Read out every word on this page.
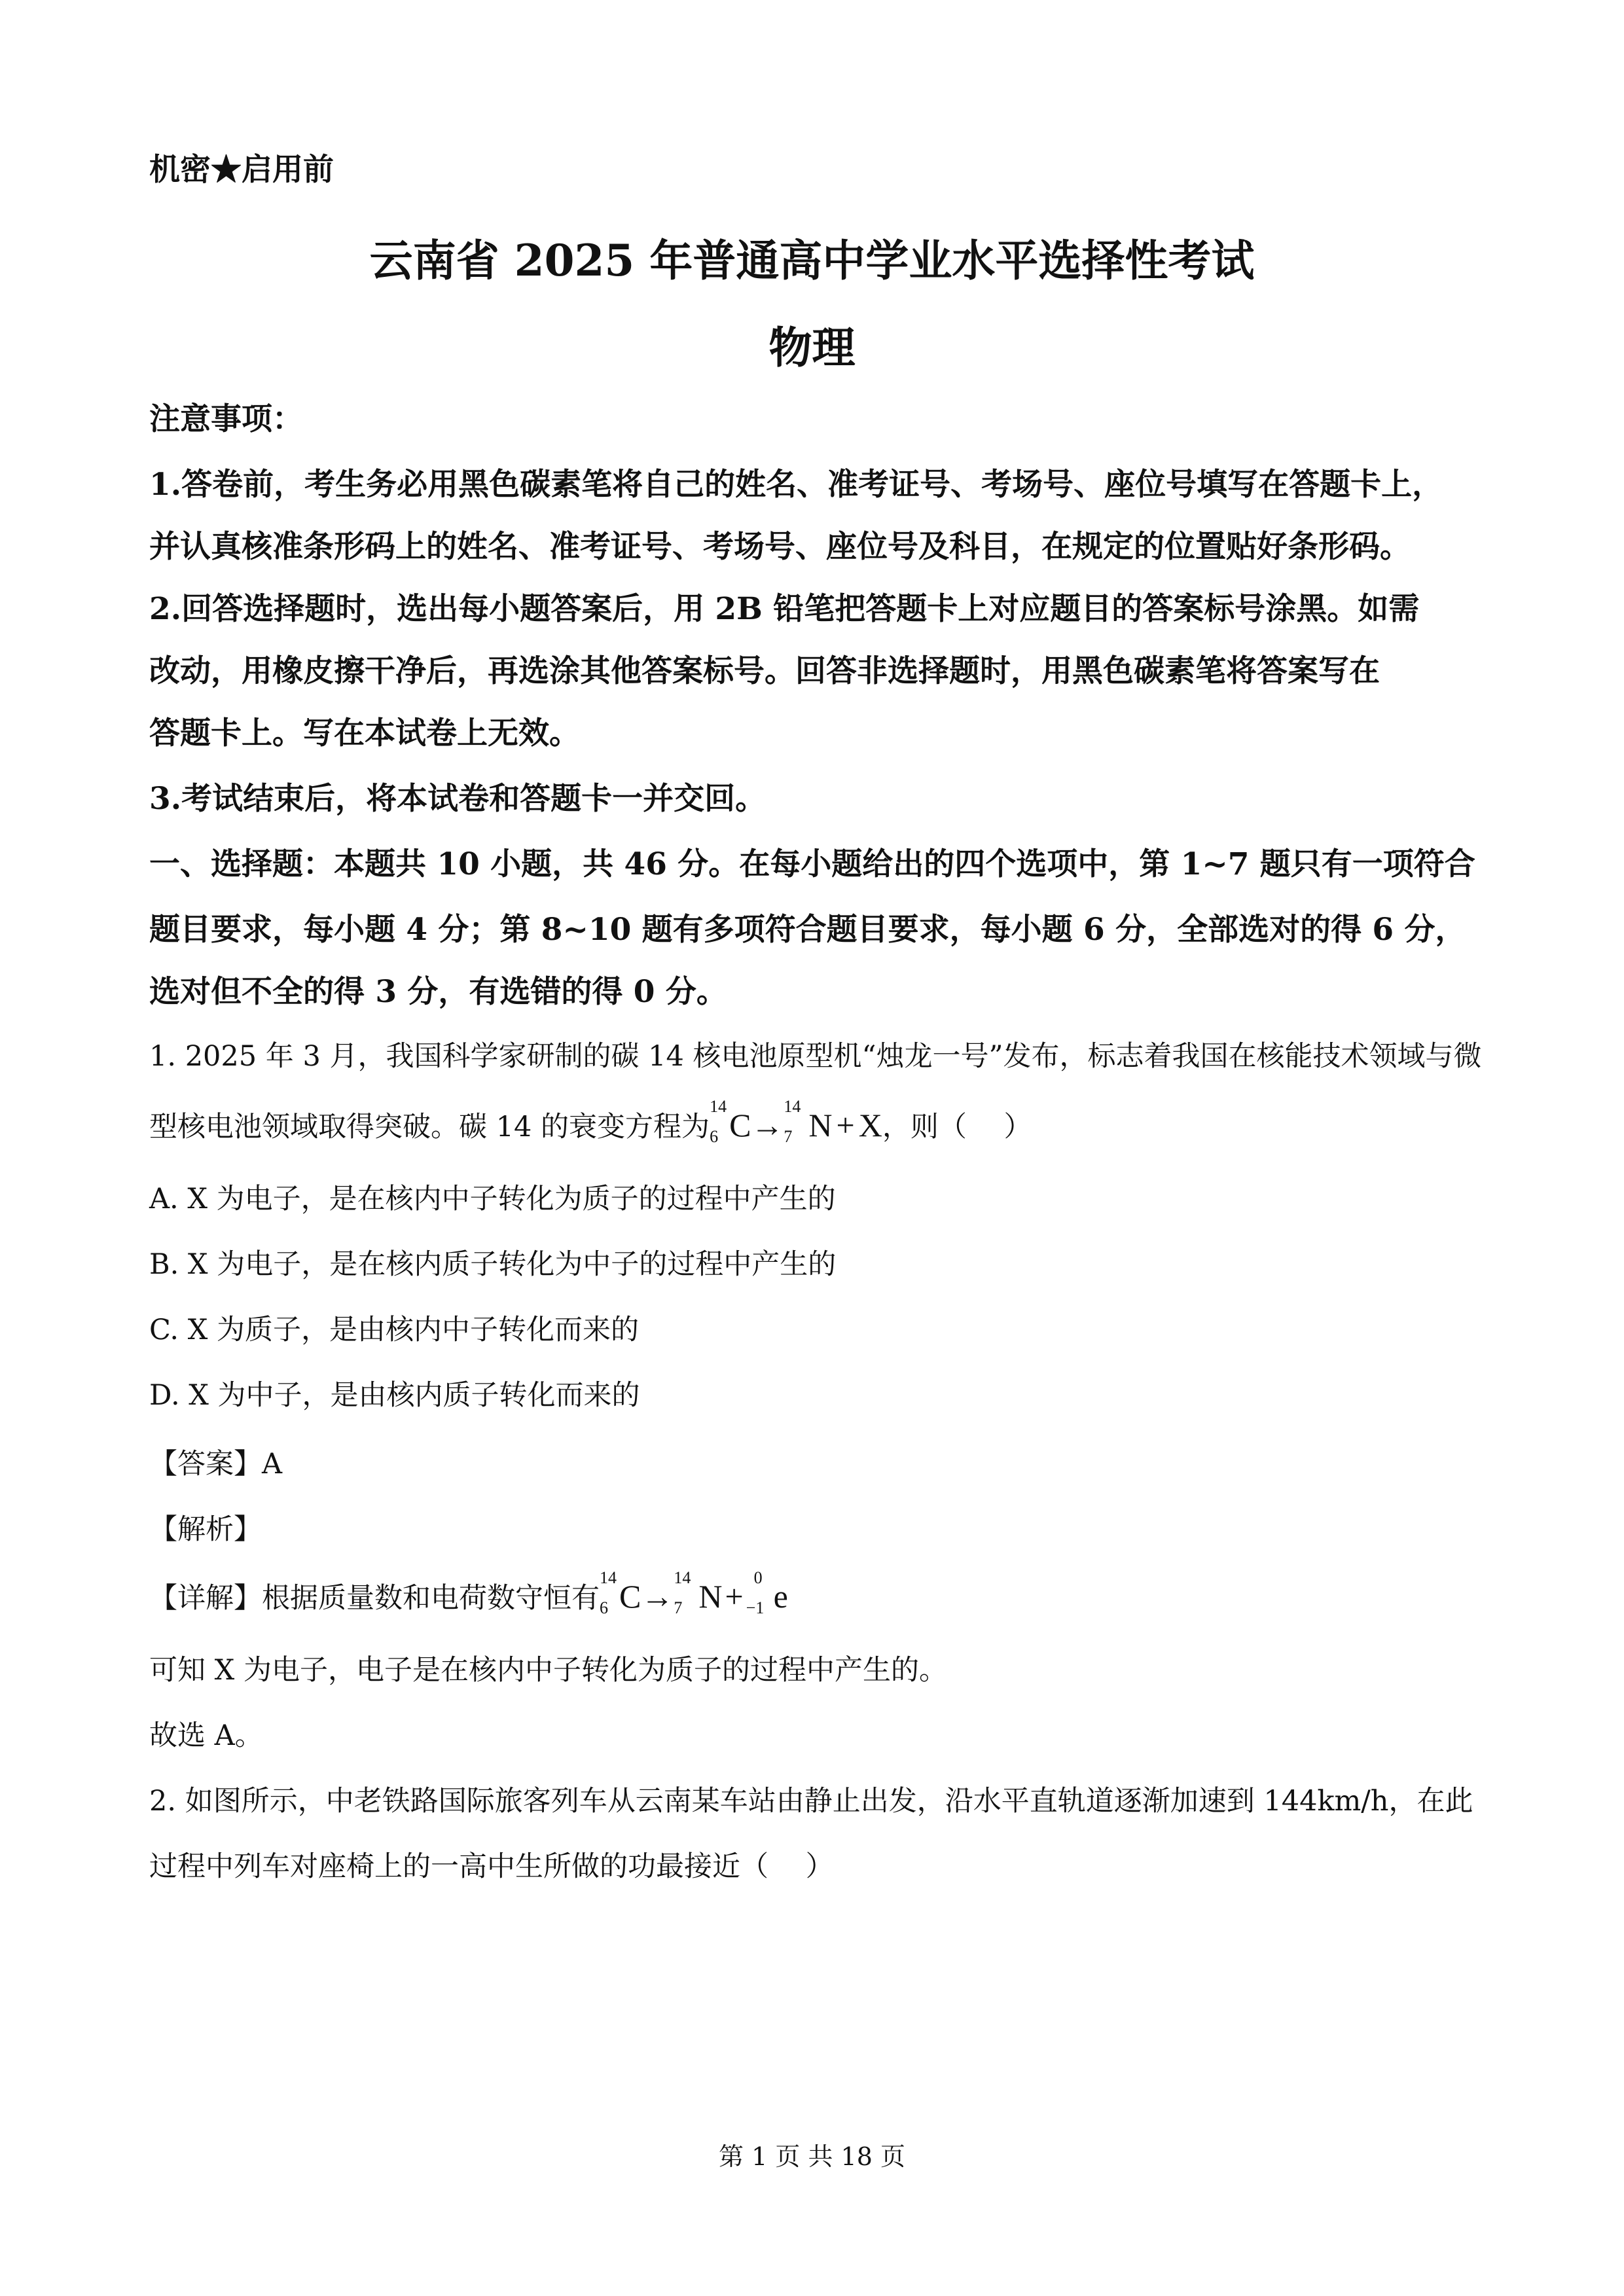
机密★启用前
云南省 2025 年普通高中学业水平选择性考试
物理
注意事项：
1.答卷前，考生务必用黑色碳素笔将自己的姓名、准考证号、考场号、座位号填写在答题卡上，
并认真核准条形码上的姓名、准考证号、考场号、座位号及科目，在规定的位置贴好条形码。
2.回答选择题时，选出每小题答案后，用 2B 铅笔把答题卡上对应题目的答案标号涂黑。如需
改动，用橡皮擦干净后，再选涂其他答案标号。回答非选择题时，用黑色碳素笔将答案写在
答题卡上。写在本试卷上无效。
3.考试结束后，将本试卷和答题卡一并交回。
一、选择题：本题共 10 小题，共 46 分。在每小题给出的四个选项中，第 1~7 题只有一项符合
题目要求，每小题 4 分；第 8~10 题有多项符合题目要求，每小题 6 分，全部选对的得 6 分，
选对但不全的得 3 分，有选错的得 0 分。
1. 2025 年 3 月，我国科学家研制的碳 14 核电池原型机“烛龙一号”发布，标志着我国在核能技术领域与微
型核电池领域取得突破。碳 14 的衰变方程为
14
6 C→
14
7 N + X，则（　 ）
A. X 为电子，是在核内中子转化为质子的过程中产生的
B. X 为电子，是在核内质子转化为中子的过程中产生的
C. X 为质子，是由核内中子转化而来的
D. X 为中子，是由核内质子转化而来的
【答案】A
【解析】
【详解】根据质量数和电荷数守恒有
14
6 C→
14
7 N+
0
−1 e
可知 X 为电子，电子是在核内中子转化为质子的过程中产生的。
故选 A。
2. 如图所示，中老铁路国际旅客列车从云南某车站由静止出发，沿水平直轨道逐渐加速到 144km/h，在此
过程中列车对座椅上的一高中生所做的功最接近（　 ）
第 1 页 共 18 页
